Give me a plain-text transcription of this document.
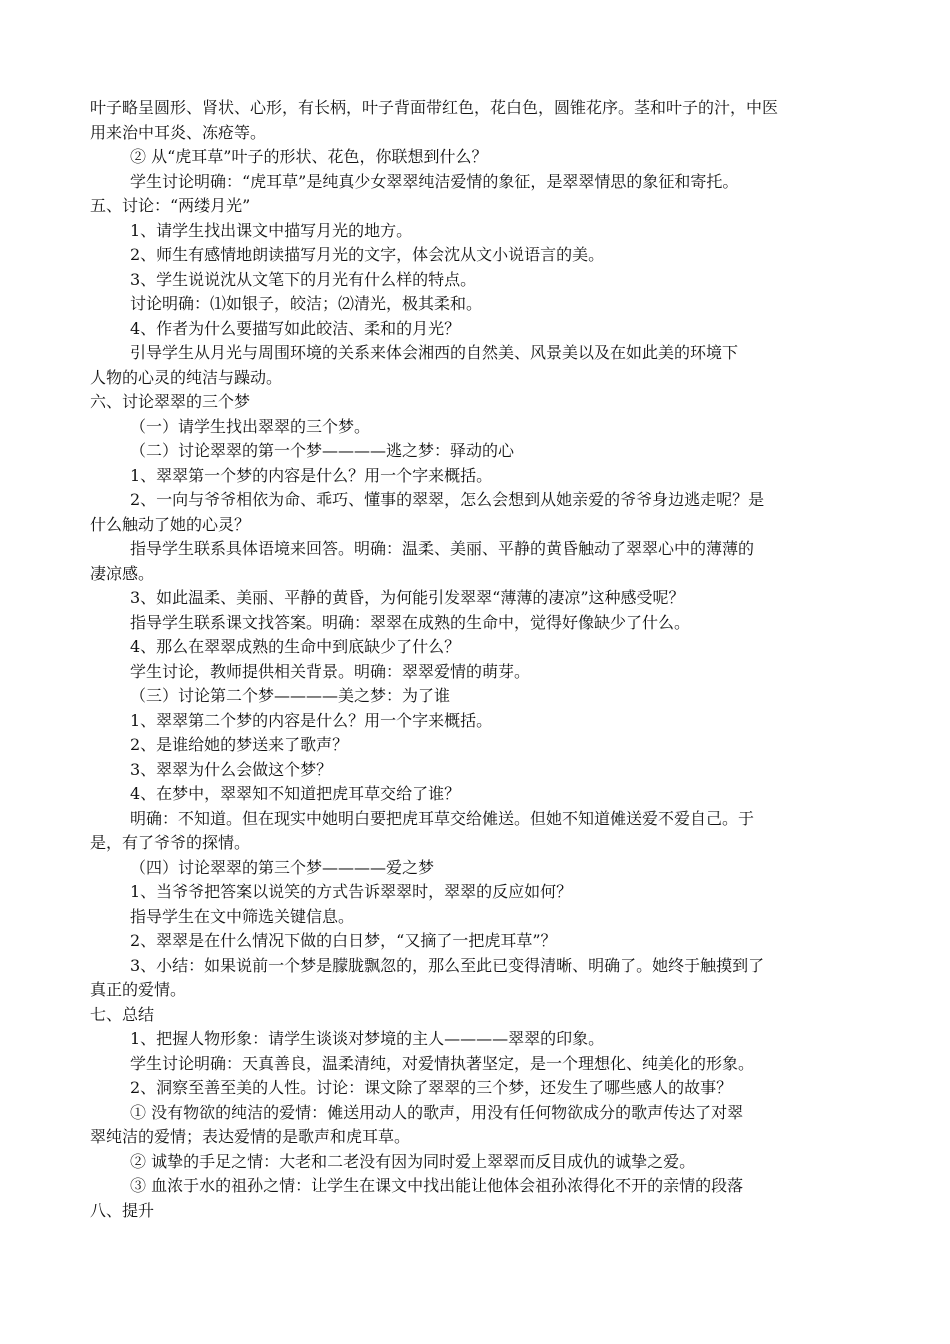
叶子略呈圆形、肾状、心形，有长柄，叶子背面带红色，花白色，圆锥花序。茎和叶子的汁，中医
用来治中耳炎、冻疮等。
② 从“虎耳草”叶子的形状、花色，你联想到什么？
学生讨论明确：“虎耳草”是纯真少女翠翠纯洁爱情的象征，是翠翠情思的象征和寄托。
五、讨论：“两缕月光”
1、请学生找出课文中描写月光的地方。
2、师生有感情地朗读描写月光的文字，体会沈从文小说语言的美。
3、学生说说沈从文笔下的月光有什么样的特点。
讨论明确：⑴如银子，皎洁；⑵清光，极其柔和。
4、作者为什么要描写如此皎洁、柔和的月光？
引导学生从月光与周围环境的关系来体会湘西的自然美、风景美以及在如此美的环境下
人物的心灵的纯洁与躁动。
六、讨论翠翠的三个梦
（一）请学生找出翠翠的三个梦。
（二）讨论翠翠的第一个梦————逃之梦：驿动的心
1、翠翠第一个梦的内容是什么？用一个字来概括。
2、一向与爷爷相依为命、乖巧、懂事的翠翠，怎么会想到从她亲爱的爷爷身边逃走呢？是
什么触动了她的心灵？
指导学生联系具体语境来回答。明确：温柔、美丽、平静的黄昏触动了翠翠心中的薄薄的
凄凉感。
3、如此温柔、美丽、平静的黄昏，为何能引发翠翠“薄薄的凄凉”这种感受呢？
指导学生联系课文找答案。明确：翠翠在成熟的生命中，觉得好像缺少了什么。
4、那么在翠翠成熟的生命中到底缺少了什么？
学生讨论，教师提供相关背景。明确：翠翠爱情的萌芽。
（三）讨论第二个梦————美之梦：为了谁
1、翠翠第二个梦的内容是什么？用一个字来概括。
2、是谁给她的梦送来了歌声？
3、翠翠为什么会做这个梦？
4、在梦中，翠翠知不知道把虎耳草交给了谁？
明确：不知道。但在现实中她明白要把虎耳草交给傩送。但她不知道傩送爱不爱自己。于
是，有了爷爷的探情。
（四）讨论翠翠的第三个梦————爱之梦
1、当爷爷把答案以说笑的方式告诉翠翠时，翠翠的反应如何？
指导学生在文中筛选关键信息。
2、翠翠是在什么情况下做的白日梦，“又摘了一把虎耳草”？
3、小结：如果说前一个梦是朦胧飘忽的，那么至此已变得清晰、明确了。她终于触摸到了
真正的爱情。
七、总结
1、把握人物形象：请学生谈谈对梦境的主人————翠翠的印象。
学生讨论明确：天真善良，温柔清纯，对爱情执著坚定，是一个理想化、纯美化的形象。
2、洞察至善至美的人性。讨论：课文除了翠翠的三个梦，还发生了哪些感人的故事？
① 没有物欲的纯洁的爱情：傩送用动人的歌声，用没有任何物欲成分的歌声传达了对翠
翠纯洁的爱情；表达爱情的是歌声和虎耳草。
② 诚挚的手足之情：大老和二老没有因为同时爱上翠翠而反目成仇的诚挚之爱。
③ 血浓于水的祖孙之情：让学生在课文中找出能让他体会祖孙浓得化不开的亲情的段落
八、提升
